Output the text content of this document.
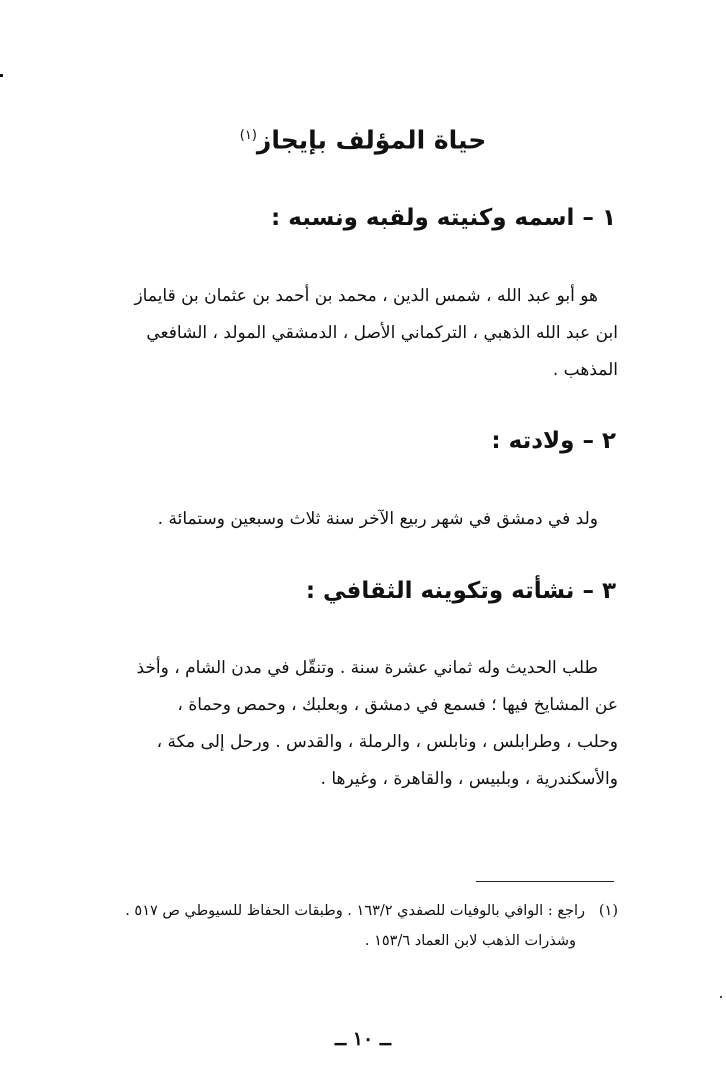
حياة المؤلف بإيجاز$^{(١)}$
١ – اسمه وكنيته ولقبه ونسبه :
هو أبو عبد الله ، شمس الدين ، محمد بن أحمد بن عثمان بن قايماز
ابن عبد الله الذهبي ، التركماني الأصل ، الدمشقي المولد ، الشافعي
المذهب .
٢ – ولادته :
ولد في دمشق في شهر ربيع الآخر سنة ثلاث وسبعين وستمائة .
٣ – نشأته وتكوينه الثقافي :
طلب الحديث وله ثماني عشرة سنة . وتنقّل في مدن الشام ، وأخذ
عن المشايخ فيها ؛ فسمع في دمشق ، وبعلبك ، وحمص وحماة ،
وحلب ، وطرابلس ، ونابلس ، والرملة ، والقدس . ورحل إلى مكة ،
والأسكندرية ، وبلبيس ، والقاهرة ، وغيرها .
(١)   راجع : الوافي بالوفيات للصفدي ١٦٣/٢ . وطبقات الحفاظ للسيوطي ص ٥١٧ .
وشذرات الذهب لابن العماد ١٥٣/٦ .
ــ ١٠ ــ
